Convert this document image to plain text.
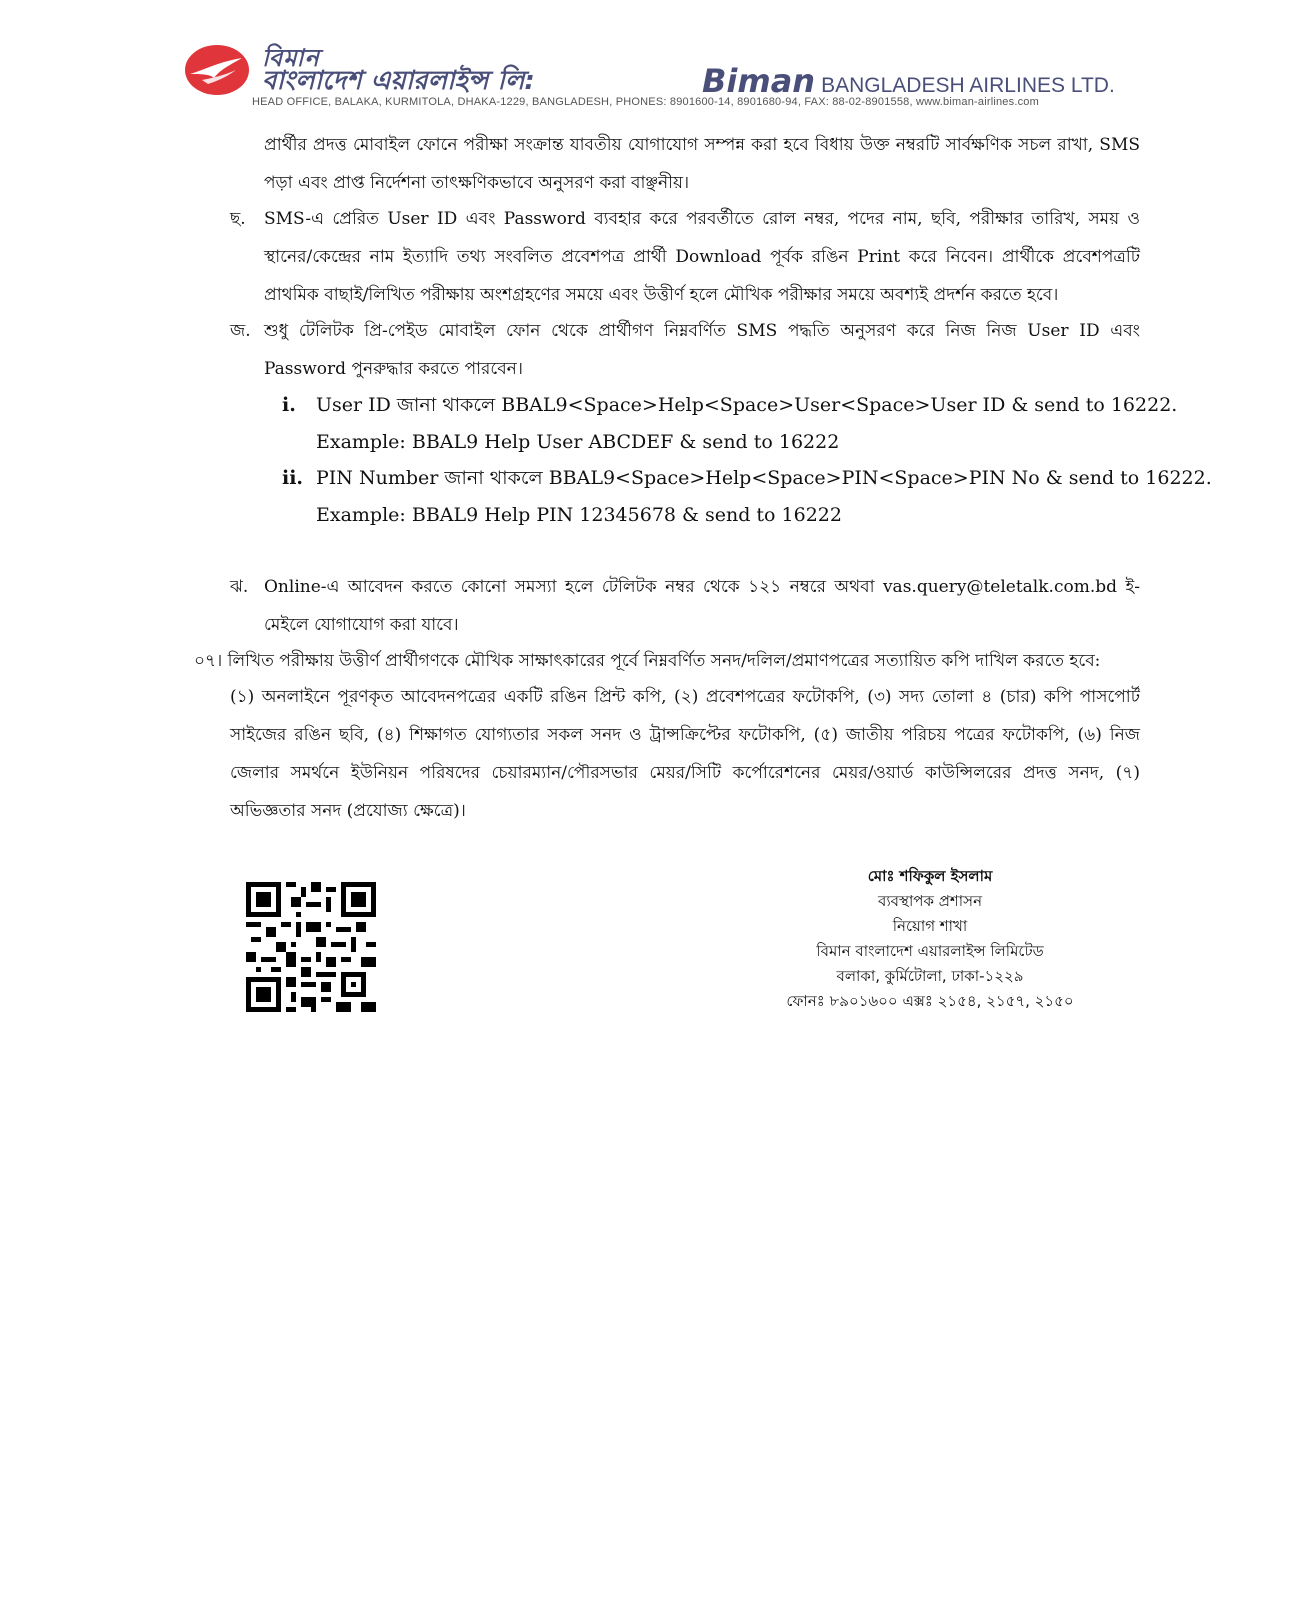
বিমান
বাংলাদেশ এয়ারলাইন্স লি:	Biman BANGLADESH AIRLINES LTD.
HEAD OFFICE, BALAKA, KURMITOLA, DHAKA-1229, BANGLADESH, PHONES: 8901600-14, 8901680-94, FAX: 88-02-8901558, www.biman-airlines.com
প্রার্থীর প্রদত্ত মোবাইল ফোনে পরীক্ষা সংক্রান্ত যাবতীয় যোগাযোগ সম্পন্ন করা হবে বিধায় উক্ত নম্বরটি সার্বক্ষণিক সচল রাখা, SMS পড়া এবং প্রাপ্ত নির্দেশনা তাৎক্ষণিকভাবে অনুসরণ করা বাঞ্ছনীয়।
ছ. SMS-এ প্রেরিত User ID এবং Password ব্যবহার করে পরবর্তীতে রোল নম্বর, পদের নাম, ছবি, পরীক্ষার তারিখ, সময় ও স্থানের/কেন্দ্রের নাম ইত্যাদি তথ্য সংবলিত প্রবেশপত্র প্রার্থী Download পূর্বক রঙিন Print করে নিবেন। প্রার্থীকে প্রবেশপত্রটি প্রাথমিক বাছাই/লিখিত পরীক্ষায় অংশগ্রহণের সময়ে এবং উত্তীর্ণ হলে মৌখিক পরীক্ষার সময়ে অবশ্যই প্রদর্শন করতে হবে।
জ. শুধু টেলিটক প্রি-পেইড মোবাইল ফোন থেকে প্রার্থীগণ নিম্নবর্ণিত SMS পদ্ধতি অনুসরণ করে নিজ নিজ User ID এবং Password পুনরুদ্ধার করতে পারবেন।
i. User ID জানা থাকলে BBAL9<Space>Help<Space>User<Space>User ID & send to 16222.
Example: BBAL9 Help User ABCDEF & send to 16222
ii. PIN Number জানা থাকলে BBAL9<Space>Help<Space>PIN<Space>PIN No & send to 16222.
Example: BBAL9 Help PIN 12345678 & send to 16222
ঝ. Online-এ আবেদন করতে কোনো সমস্যা হলে টেলিটক নম্বর থেকে ১২১ নম্বরে অথবা vas.query@teletalk.com.bd ই-মেইলে যোগাযোগ করা যাবে।
০৭। লিখিত পরীক্ষায় উত্তীর্ণ প্রার্থীগণকে মৌখিক সাক্ষাৎকারের পূর্বে নিম্নবর্ণিত সনদ/দলিল/প্রমাণপত্রের সত্যায়িত কপি দাখিল করতে হবে:
(১) অনলাইনে পূরণকৃত আবেদনপত্রের একটি রঙিন প্রিন্ট কপি, (২) প্রবেশপত্রের ফটোকপি, (৩) সদ্য তোলা ৪ (চার) কপি পাসপোর্ট সাইজের রঙিন ছবি, (৪) শিক্ষাগত যোগ্যতার সকল সনদ ও ট্রান্সক্রিপ্টের ফটোকপি, (৫) জাতীয় পরিচয় পত্রের ফটোকপি, (৬) নিজ জেলার সমর্থনে ইউনিয়ন পরিষদের চেয়ারম্যান/পৌরসভার মেয়র/সিটি কর্পোরেশনের মেয়র/ওয়ার্ড কাউন্সিলরের প্রদত্ত সনদ, (৭) অভিজ্ঞতার সনদ (প্রযোজ্য ক্ষেত্রে)।
মোঃ শফিকুল ইসলাম
ব্যবস্থাপক প্রশাসন
নিয়োগ শাখা
বিমান বাংলাদেশ এয়ারলাইন্স লিমিটেড
বলাকা, কুর্মিটোলা, ঢাকা-১২২৯
ফোনঃ ৮৯০১৬০০ এক্সঃ ২১৫৪, ২১৫৭, ২১৫০
